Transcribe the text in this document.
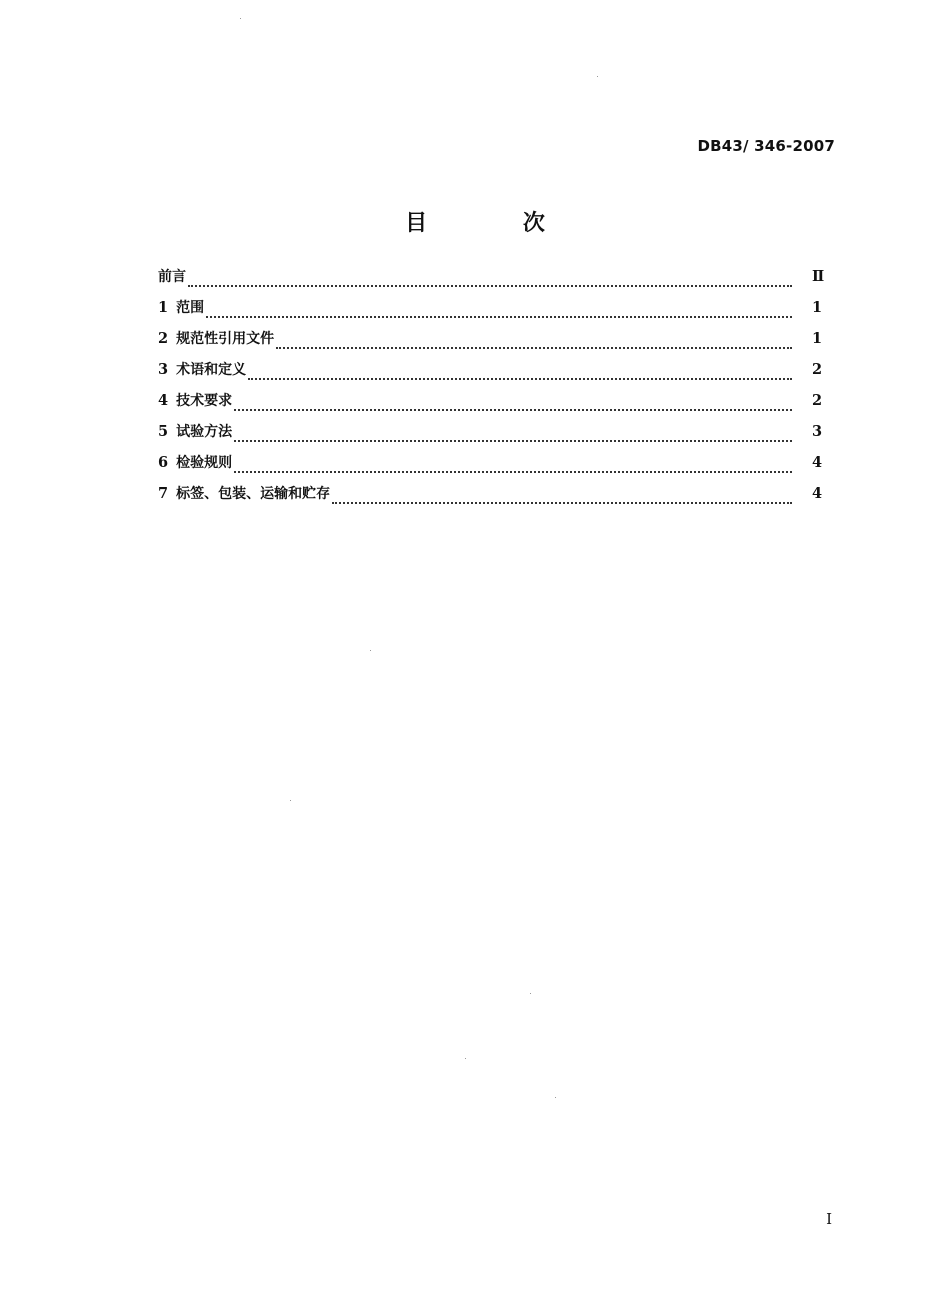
DB43/ 346-2007
目 次
前言	Ⅱ
1 范围	1
2 规范性引用文件	1
3 术语和定义	2
4 技术要求	2
5 试验方法	3
6 检验规则	4
7 标签、包装、运输和贮存	4
I
